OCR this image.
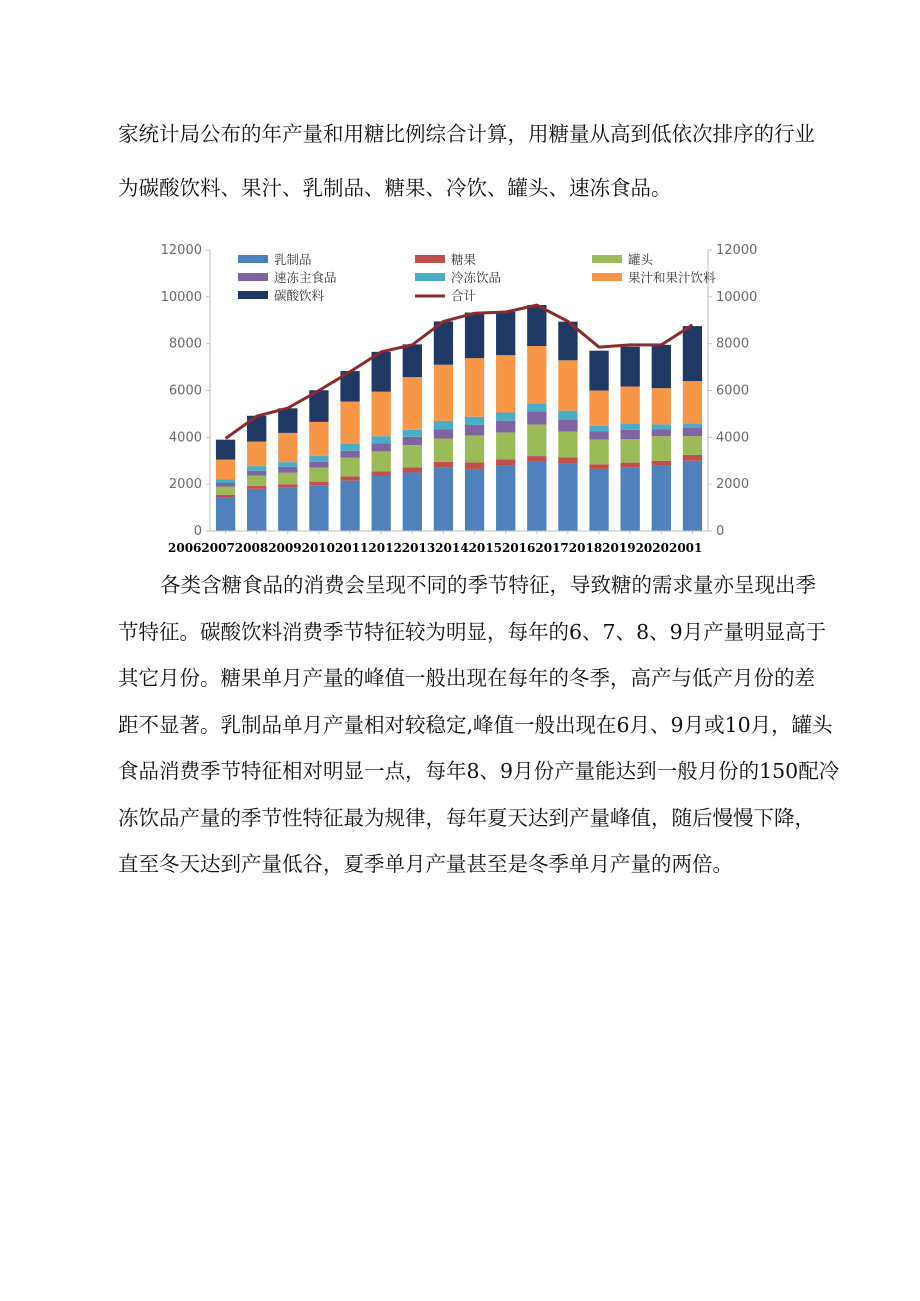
家统计局公布的年产量和用糖比例综合计算，用糖量从高到低依次排序的行业
为碳酸饮料、果汁、乳制品、糖果、冷饮、罐头、速冻食品。
0
2000
4000
6000
8000
10000
12000
0
2000
4000
6000
8000
10000
12000
乳制品	糖果	罐头
速冻主食品	冷冻饮品	果汁和果汁饮料
碳酸饮料	合计
2006200720082009201020112012201320142015201620172018201920202001
各类含糖食品的消费会呈现不同的季节特征，导致糖的需求量亦呈现出季
节特征。碳酸饮料消费季节特征较为明显，每年的6、7、8、9月产量明显高于
其它月份。糖果单月产量的峰值一般出现在每年的冬季，高产与低产月份的差
距不显著。乳制品单月产量相对较稳定,峰值一般出现在6月、9月或10月，罐头
食品消费季节特征相对明显一点，每年8、9月份产量能达到一般月份的150配冷
冻饮品产量的季节性特征最为规律，每年夏天达到产量峰值，随后慢慢下降，
直至冬天达到产量低谷，夏季单月产量甚至是冬季单月产量的两倍。
